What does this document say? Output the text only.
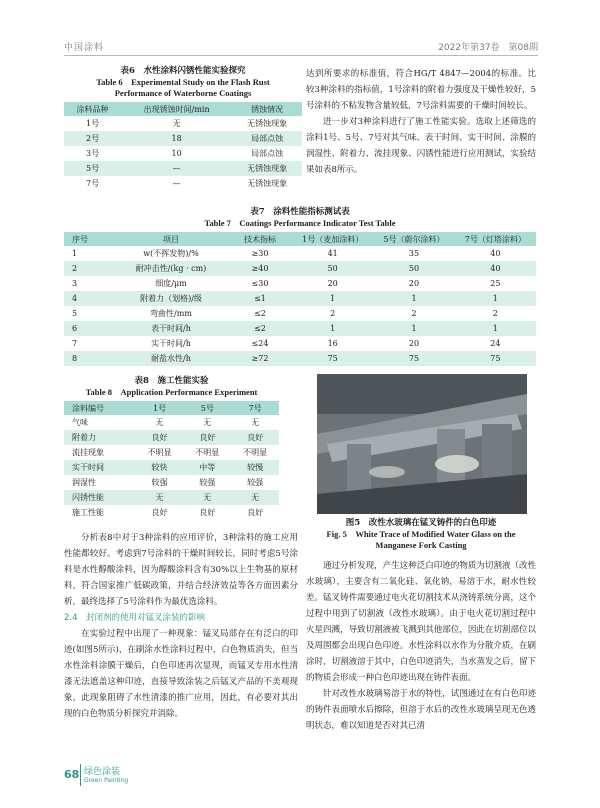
中国涂料	2022年第37卷　第08期
表6　水性涂料闪锈性能实验探究
Table 6　Experimental Study on the Flash Rust
Performance of Waterborne Coatings
涂料品种	出现锈蚀时间/min	锈蚀情况
1号	无	无锈蚀现象
2号	18	局部点蚀
3号	10	局部点蚀
5号	—	无锈蚀现象
7号	—	无锈蚀现象

达到所要求的标准值，符合HG/T 4847—2004的标准。比较3种涂料的指标值，1号涂料的附着力强度及干燥性较好，5号涂料的不粘发物含量较低，7号涂料需要的干燥时间较长。

进一步对3种涂料进行了施工性能实验。选取上述筛选的涂料1号、5号、7号对其气味、表干时间、实干时间、涂膜的润湿性、附着力、流挂现象、闪锈性能进行应用测试，实验结果如表8所示。

表7　涂料性能指标测试表
Table 7　Coatings Performance Indicator Test Table
序号	项目	技术指标	1号（麦加涂料）	5号（蔚尔涂料）	7号（灯塔涂料）
1	w(不挥发物)/%	≥30	41	35	40
2	耐冲击性/(kg · cm)	≥40	50	50	40
3	细度/μm	≤30	20	20	25
4	附着力（划格)/级	≤1	1	1	1
5	弯曲性/mm	≤2	2	2	2
6	表干时间/h	≤2	1	1	1
7	实干时间/h	≤24	16	20	24
8	耐盐水性/h	≥72	75	75	75
表8　施工性能实验
Table 8　Application Performance Experiment
涂料编号	1号	5号	7号
气味	无	无	无
附着力	良好	良好	良好
流挂现象	不明显	不明显	不明显
实干时间	较快	中等	较慢
润湿性	较强	较强	较强
闪锈性能	无	无	无
施工性能	良好	良好	良好
图5　改性水玻璃在锰叉铸件的白色印迹
Fig. 5　White Trace of Modified Water Glass on the
Manganese Fork Casting

分析表8中对于3种涂料的应用评价，3种涂料的施工应用性能都较好。考虑到7号涂料的干燥时间较长，同时考虑5号涂料是水性醇酸涂料，因为醇酸涂料含有30%以上生物基的原材料，符合国家推广低碳政策，并结合经济效益等各方面因素分析，最终选择了5号涂料作为最优选涂料。

2.4　封闭剂的使用对锰叉涂装的影响

在实验过程中出现了一种现象：锰叉局部存在有泛白的印迹(如图5所示)，在刷涂水性涂料过程中，白色物质消失，但当水性涂料涂膜干燥后，白色印迹再次显现，而锰叉专用水性清漆无法遮盖这种印迹，直接导致涂装之后锰叉产品的不美观现象，此现象阻碍了水性清漆的推广应用，因此，有必要对其出现的白色物质分析探究并消除。

通过分析发现，产生这种泛白印迹的物质为切割液（改性水玻璃），主要含有二氧化硅、氧化钠，易溶于水，耐水性较差。锰叉铸件需要通过电火花切割技术从浇铸系统分离，这个过程中用到了切割液（改性水玻璃）。由于电火花切割过程中火星四溅，导致切割液被飞溅到其他部位，因此在切割部位以及周围都会出现白色印迹。水性涂料以水作为分散介质，在刷涂时，切割液溶于其中，白色印迹消失，当水蒸发之后，留下的物质会形成一种白色印迹出现在铸件表面。

针对改性水玻璃易溶于水的特性，试图通过在有白色印迹的铸件表面喷水后擦除，但溶于水后的改性水玻璃呈现无色透明状态，难以知道是否对其已清

68 绿色涂装
Green Painting
